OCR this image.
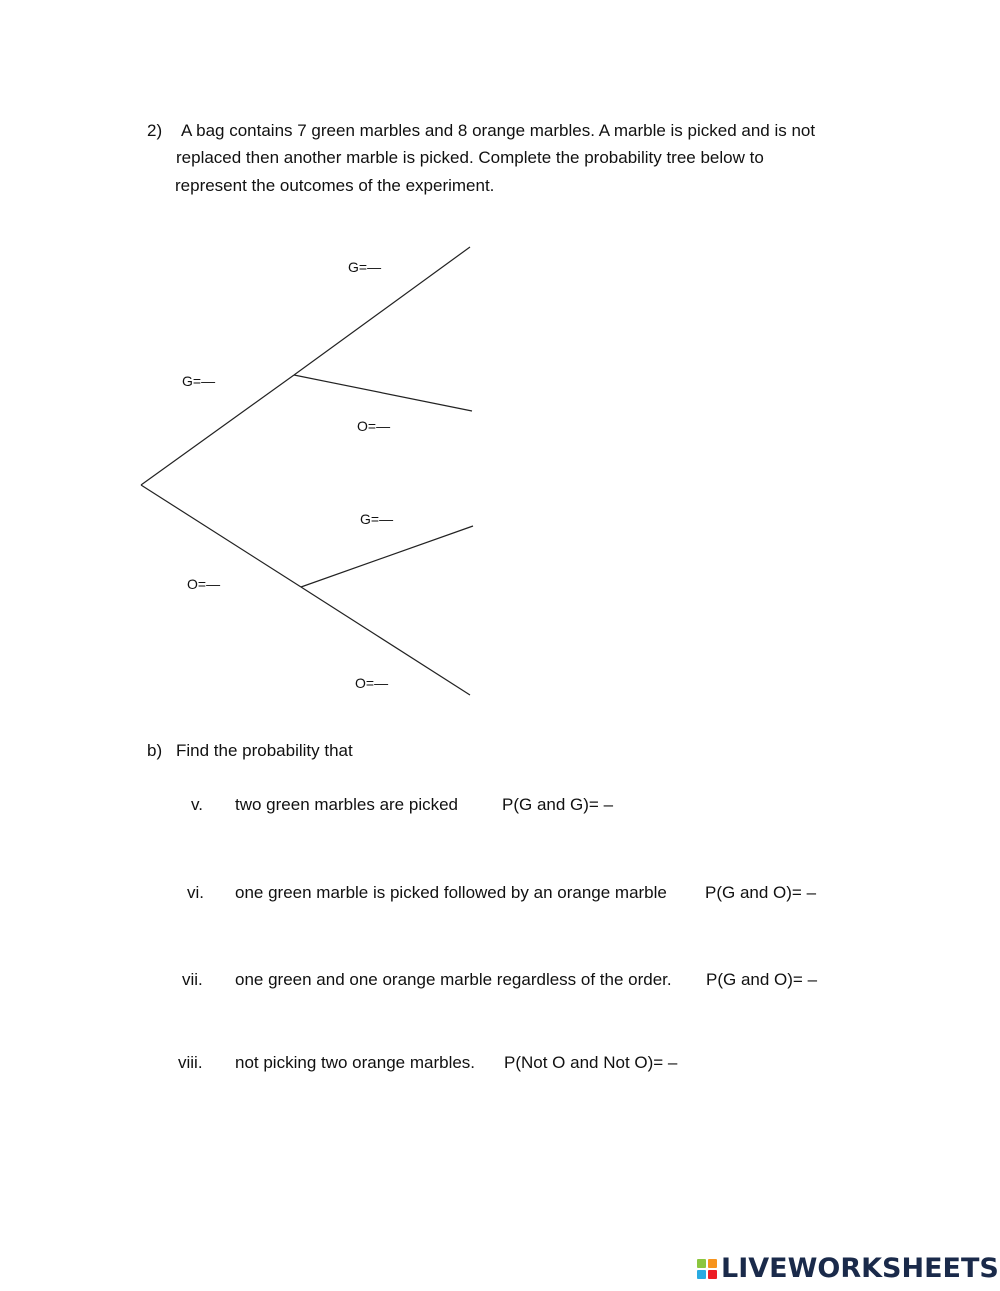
2) A bag contains 7 green marbles and 8 orange marbles. A marble is picked and is not
replaced then another marble is picked. Complete the probability tree below to
represent the outcomes of the experiment.
G=—
O=—
G=—
O=—
G=—
O=—
b) Find the probability that
v. two green marbles are picked	P(G and G)= –
vi. one green marble is picked followed by an orange marble P(G and O)= –
vii. one green and one orange marble regardless of the order. P(G and O)= –
viii. not picking two orange marbles. P(Not O and Not O)= –
LIVEWORKSHEETS
